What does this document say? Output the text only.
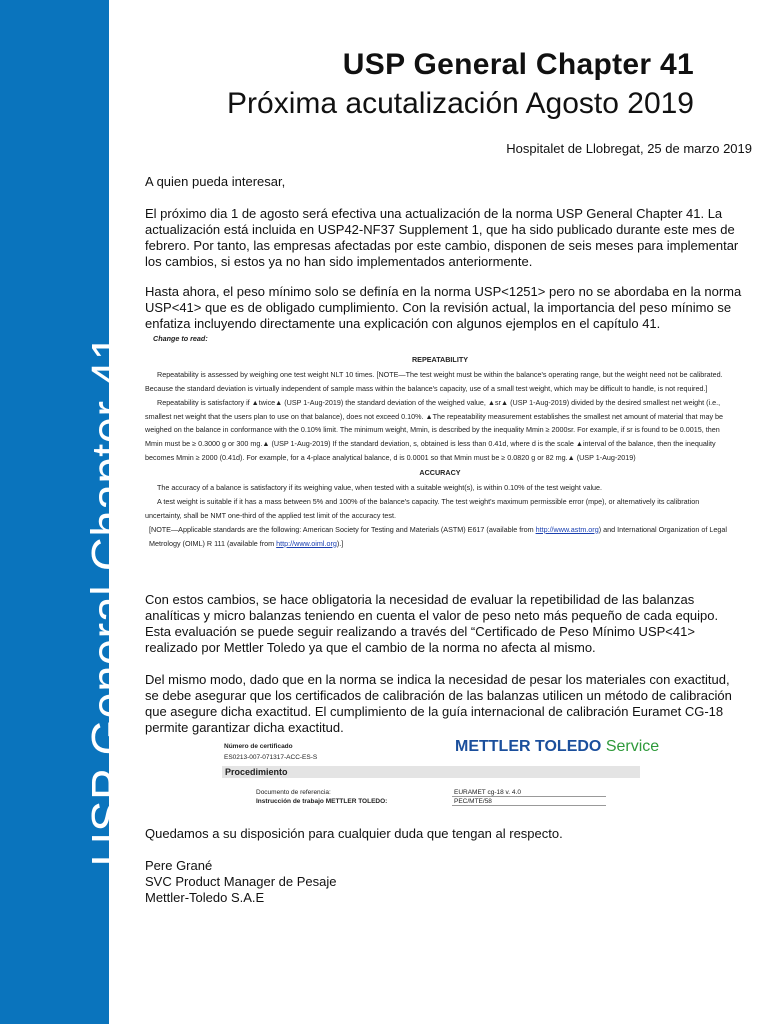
USP General Chapter 41
USP General Chapter 41
Próxima acutalización Agosto 2019
Hospitalet de Llobregat, 25 de marzo 2019
A quien pueda interesar,
El próximo dia 1 de agosto será efectiva una actualización de la norma USP General Chapter 41. La actualización está incluida en USP42-NF37 Supplement 1, que ha sido publicado durante este mes de febrero. Por tanto, las empresas afectadas por este cambio, disponen de seis meses para implementar los cambios, si estos ya no han sido implementados anteriormente.
Hasta ahora, el peso mínimo solo se definía en la norma USP<1251> pero no se abordaba en la norma USP<41> que es de obligado cumplimiento. Con la revisión actual, la importancia del peso mínimo se enfatiza incluyendo directamente una explicación con algunos ejemplos en el capítulo 41.
Change to read:
REPEATABILITY

Repeatability is assessed by weighing one test weight NLT 10 times. [NOTE—The test weight must be within the balance's operating range, but the weight need not be calibrated. Because the standard deviation is virtually independent of sample mass within the balance's capacity, use of a small test weight, which may be difficult to handle, is not required.]

Repeatability is satisfactory if ▲twice▲ (USP 1-Aug-2019) the standard deviation of the weighed value, ▲sr▲ (USP 1-Aug-2019) divided by the desired smallest net weight (i.e., smallest net weight that the users plan to use on that balance), does not exceed 0.10%. ▲The repeatability measurement establishes the smallest net amount of material that may be weighed on the balance in conformance with the 0.10% limit. The minimum weight, Mmin, is described by the inequality Mmin ≥ 2000sr. For example, if sr is found to be 0.0015, then Mmin must be ≥ 0.3000 g or 300 mg.▲ (USP 1-Aug-2019) If the standard deviation, s, obtained is less than 0.41d, where d is the scale ▲interval of the balance, then the inequality becomes Mmin ≥ 2000 (0.41d). For example, for a 4-place analytical balance, d is 0.0001 so that Mmin must be ≥ 0.0820 g or 82 mg.▲ (USP 1-Aug-2019)

ACCURACY

The accuracy of a balance is satisfactory if its weighing value, when tested with a suitable weight(s), is within 0.10% of the test weight value.

A test weight is suitable if it has a mass between 5% and 100% of the balance's capacity. The test weight's maximum permissible error (mpe), or alternatively its calibration uncertainty, shall be NMT one-third of the applied test limit of the accuracy test.

[NOTE—Applicable standards are the following: American Society for Testing and Materials (ASTM) E617 (available from http://www.astm.org) and International Organization of Legal Metrology (OIML) R 111 (available from http://www.oiml.org).]

Con estos cambios, se hace obligatoria la necesidad de evaluar la repetibilidad de las balanzas analíticas y micro balanzas teniendo en cuenta el valor de peso neto más pequeño de cada equipo. Esta evaluación se puede seguir realizando a través del “Certificado de Peso Mínimo USP<41> realizado por Mettler Toledo ya que el cambio de la norma no afecta al mismo.
Del mismo modo, dado que en la norma se indica la necesidad de pesar los materiales con exactitud, se debe asegurar que los certificados de calibración de las balanzas utilicen un método de calibración que asegure dicha exactitud. El cumplimiento de la guía internacional de calibración Euramet CG-18 permite garantizar dicha exactitud.
Número de certificado
ES0213-007-071317-ACC-ES-S
METTLER TOLEDO Service
Procedimiento
Documento de referencia:	EURAMET cg-18 v. 4.0
Instrucción de trabajo METTLER TOLEDO:	PEC/MTE/58
Quedamos a su disposición para cualquier duda que tengan al respecto.
Pere Grané
SVC Product Manager de Pesaje
Mettler-Toledo S.A.E
